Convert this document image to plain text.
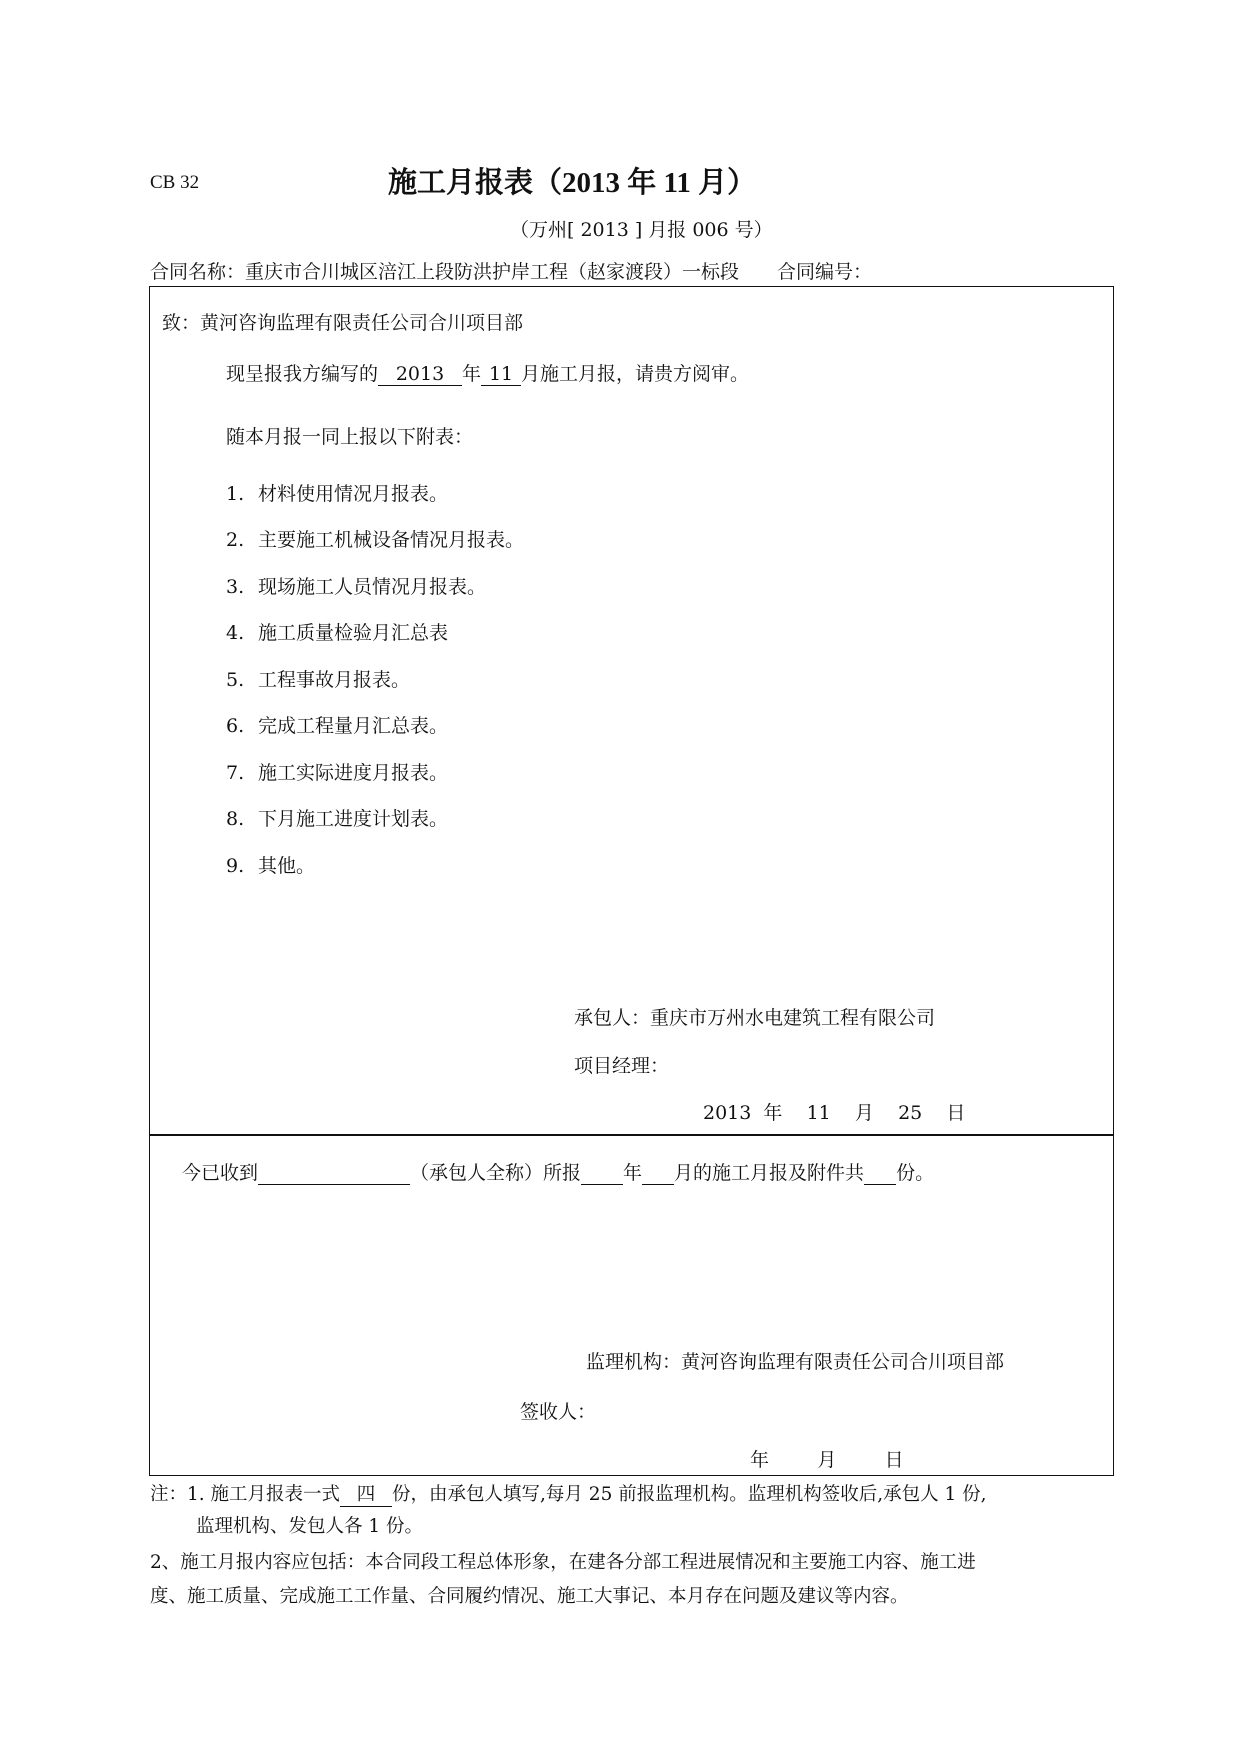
CB 32	施工月报表（2013 年 11 月）
（万州[ 2013 ] 月报 006 号）
合同名称：重庆市合川城区涪江上段防洪护岸工程（赵家渡段）一标段 合同编号：
致：黄河咨询监理有限责任公司合川项目部
现呈报我方编写的 2013 年 11 月施工月报，请贵方阅审。
随本月报一同上报以下附表：
1. 材料使用情况月报表。
2. 主要施工机械设备情况月报表。
3. 现场施工人员情况月报表。
4. 施工质量检验月汇总表
5. 工程事故月报表。
6. 完成工程量月汇总表。
7. 施工实际进度月报表。
8. 下月施工进度计划表。
9. 其他。
承包人：重庆市万州水电建筑工程有限公司
项目经理：
2013  年    11    月    25    日
今已收到	（承包人全称）所报 年 月的施工月报及附件共 份。
监理机构：黄河咨询监理有限责任公司合川项目部
签收人：
年        月        日
注：1. 施工月报表一式 四 份，由承包人填写,每月 25 前报监理机构。监理机构签收后,承包人 1 份,
监理机构、发包人各 1 份。
2、施工月报内容应包括：本合同段工程总体形象，在建各分部工程进展情况和主要施工内容、施工进
度、施工质量、完成施工工作量、合同履约情况、施工大事记、本月存在问题及建议等内容。
